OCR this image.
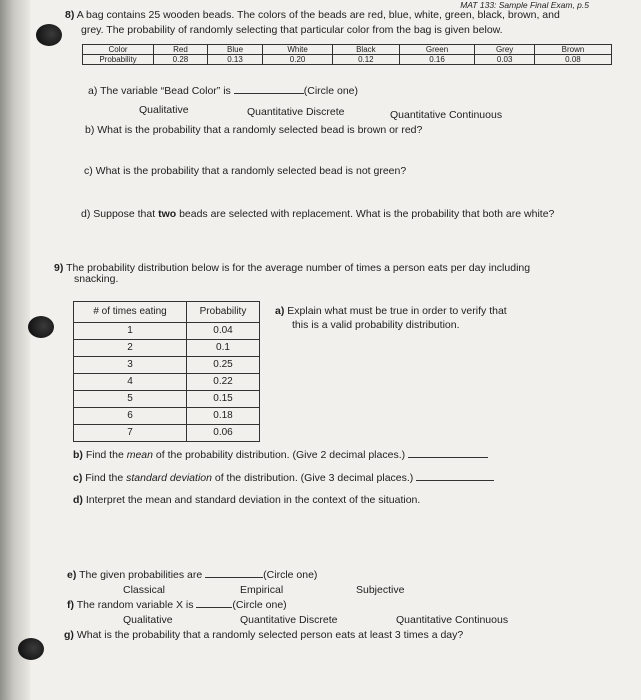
MAT 133: Sample Final Exam, p.5
8) A bag contains 25 wooden beads. The colors of the beads are red, blue, white, green, black, brown, and
grey. The probability of randomly selecting that particular color from the bag is given below.
Color	Red	Blue	White	Black	Green	Grey	Brown
Probability	0.28	0.13	0.20	0.12	0.16	0.03	0.08
a) The variable “Bead Color” is	(Circle one)
Qualitative	Quantitative Discrete	Quantitative Continuous
b) What is the probability that a randomly selected bead is brown or red?
c) What is the probability that a randomly selected bead is not green?
d) Suppose that two beads are selected with replacement. What is the probability that both are white?
9) The probability distribution below is for the average number of times a person eats per day including
snacking.
# of times eating	Probability
1	0.04
2	0.1
3	0.25
4	0.22
5	0.15
6	0.18
7	0.06
a) Explain what must be true in order to verify that
this is a valid probability distribution.
b) Find the mean of the probability distribution. (Give 2 decimal places.)
c) Find the standard deviation of the distribution. (Give 3 decimal places.)
d) Interpret the mean and standard deviation in the context of the situation.
e) The given probabilities are	(Circle one)
Classical	Empirical	Subjective
f) The random variable X is	(Circle one)
Qualitative	Quantitative Discrete	Quantitative Continuous
g) What is the probability that a randomly selected person eats at least 3 times a day?
